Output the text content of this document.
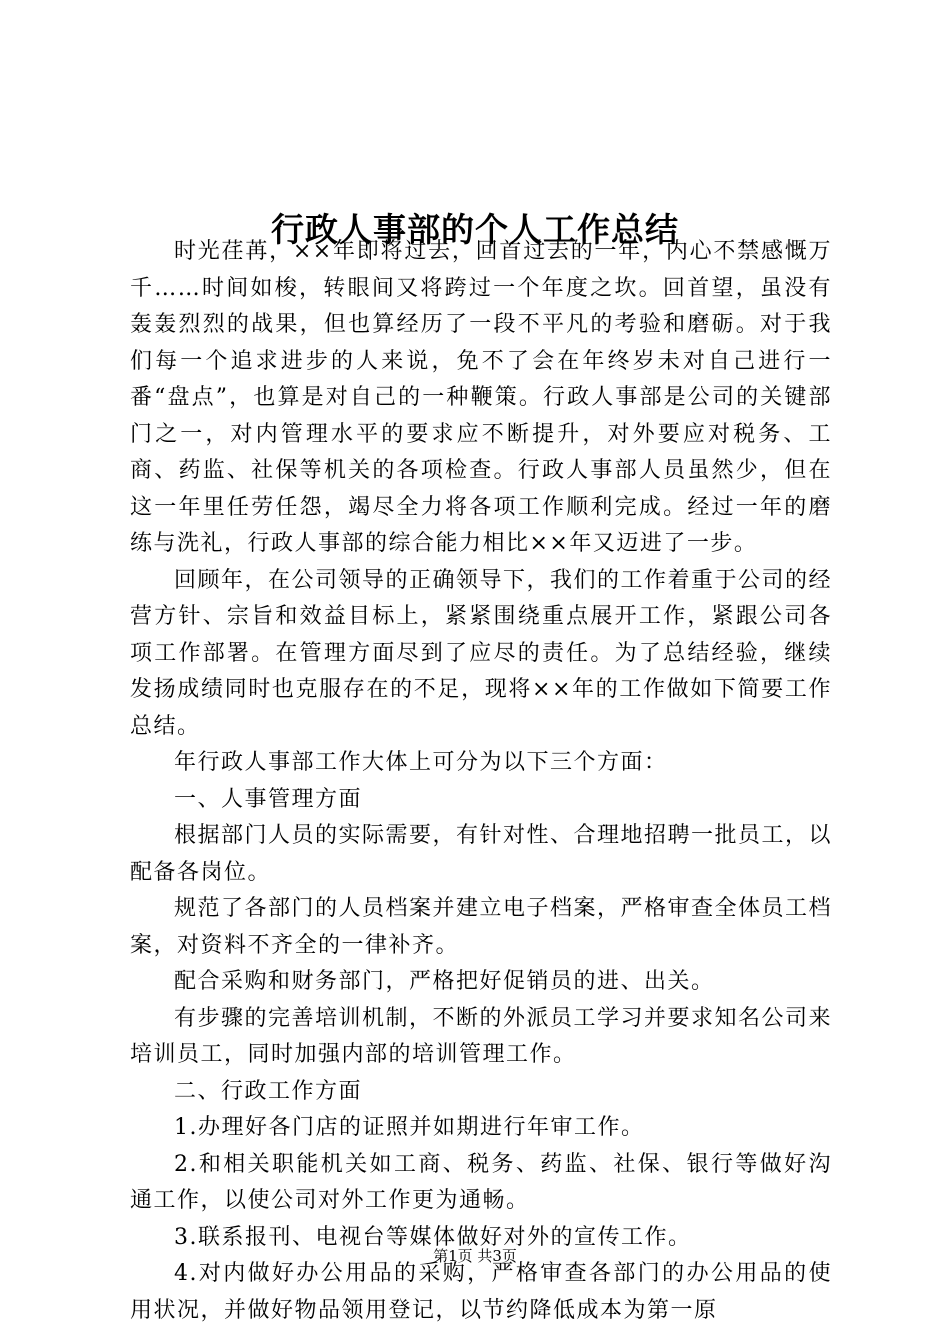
行政人事部的个人工作总结

时光荏苒，××年即将过去，回首过去的一年，内心不禁感慨万千……时间如梭，转眼间又将跨过一个年度之坎。回首望，虽没有轰轰烈烈的战果，但也算经历了一段不平凡的考验和磨砺。对于我们每一个追求进步的人来说，免不了会在年终岁未对自己进行一番“盘点”，也算是对自己的一种鞭策。行政人事部是公司的关键部门之一，对内管理水平的要求应不断提升，对外要应对税务、工商、药监、社保等机关的各项检查。行政人事部人员虽然少，但在这一年里任劳任怨，竭尽全力将各项工作顺利完成。经过一年的磨练与洗礼，行政人事部的综合能力相比××年又迈进了一步。

回顾年，在公司领导的正确领导下，我们的工作着重于公司的经营方针、宗旨和效益目标上，紧紧围绕重点展开工作，紧跟公司各项工作部署。在管理方面尽到了应尽的责任。为了总结经验，继续发扬成绩同时也克服存在的不足，现将××年的工作做如下简要工作总结。

年行政人事部工作大体上可分为以下三个方面：

一、人事管理方面

根据部门人员的实际需要，有针对性、合理地招聘一批员工，以配备各岗位。

规范了各部门的人员档案并建立电子档案，严格审查全体员工档案，对资料不齐全的一律补齐。

配合采购和财务部门，严格把好促销员的进、出关。

有步骤的完善培训机制，不断的外派员工学习并要求知名公司来培训员工，同时加强内部的培训管理工作。

二、行政工作方面

1.办理好各门店的证照并如期进行年审工作。

2.和相关职能机关如工商、税务、药监、社保、银行等做好沟通工作，以使公司对外工作更为通畅。

3.联系报刊、电视台等媒体做好对外的宣传工作。

4.对内做好办公用品的采购，严格审查各部门的办公用品的使用状况，并做好物品领用登记，以节约降低成本为第一原

第1页 共3页
